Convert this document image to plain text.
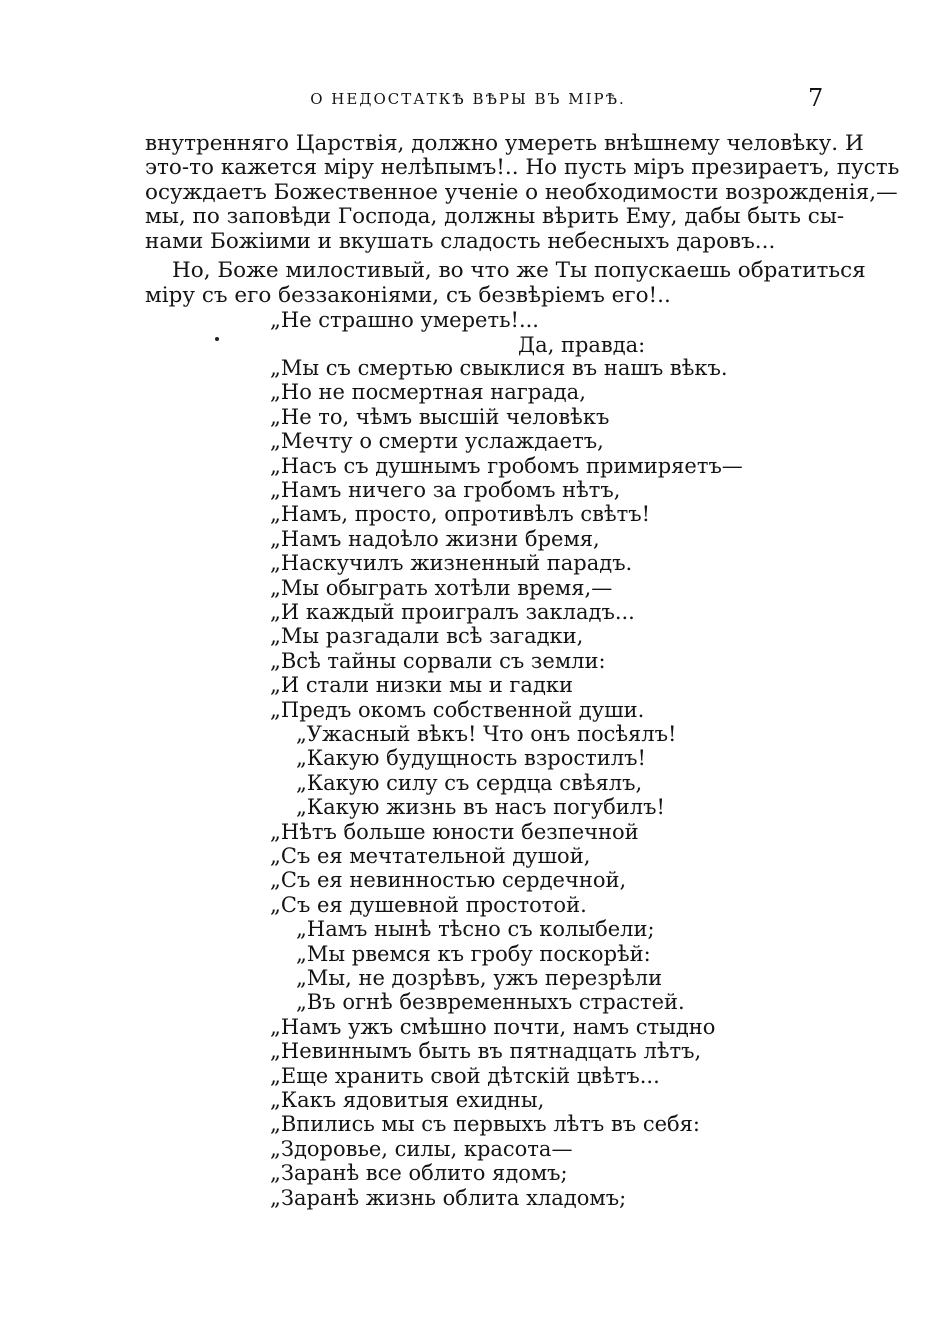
О НЕДОСТАТКѢ ВѢРЫ ВЪ МІРѢ.	7
внутренняго Царствія, должно умереть внѣшнему человѣку. И
это-то кажется міру нелѣпымъ!.. Но пусть міръ презираетъ, пусть
осуждаетъ Божественное ученіе о необходимости возрожденія,—
мы, по заповѣди Господа, должны вѣрить Ему, дабы быть сы-
нами Божіими и вкушать сладость небесныхъ даровъ...
Но, Боже милостивый, во что же Ты попускаешь обратиться
міру съ его беззаконіями, съ безвѣріемъ его!..
„Не страшно умереть!...
Да, правда:
„Мы съ смертью свыклися въ нашъ вѣкъ.
„Но не посмертная награда,
„Не то, чѣмъ высшій человѣкъ
„Мечту о смерти услаждаетъ,
„Насъ съ душнымъ гробомъ примиряетъ—
„Намъ ничего за гробомъ нѣтъ,
„Намъ, просто, опротивѣлъ свѣтъ!
„Намъ надоѣло жизни бремя,
„Наскучилъ жизненный парадъ.
„Мы обыграть хотѣли время,—
„И каждый проигралъ закладъ...
„Мы разгадали всѣ загадки,
„Всѣ тайны сорвали съ земли:
„И стали низки мы и гадки
„Предъ окомъ собственной души.
„Ужасный вѣкъ! Что онъ посѣялъ!
„Какую будущность взростилъ!
„Какую силу съ сердца свѣялъ,
„Какую жизнь въ насъ погубилъ!
„Нѣтъ больше юности безпечной
„Съ ея мечтательной душой,
„Съ ея невинностью сердечной,
„Съ ея душевной простотой.
„Намъ нынѣ тѣсно съ колыбели;
„Мы рвемся къ гробу поскорѣй:
„Мы, не дозрѣвъ, ужъ перезрѣли
„Въ огнѣ безвременныхъ страстей.
„Намъ ужъ смѣшно почти, намъ стыдно
„Невиннымъ быть въ пятнадцать лѣтъ,
„Еще хранить свой дѣтскій цвѣтъ...
„Какъ ядовитыя ехидны,
„Впились мы съ первыхъ лѣтъ въ себя:
„Здоровье, силы, красота—
„Заранѣ все облито ядомъ;
„Заранѣ жизнь облита хладомъ;
